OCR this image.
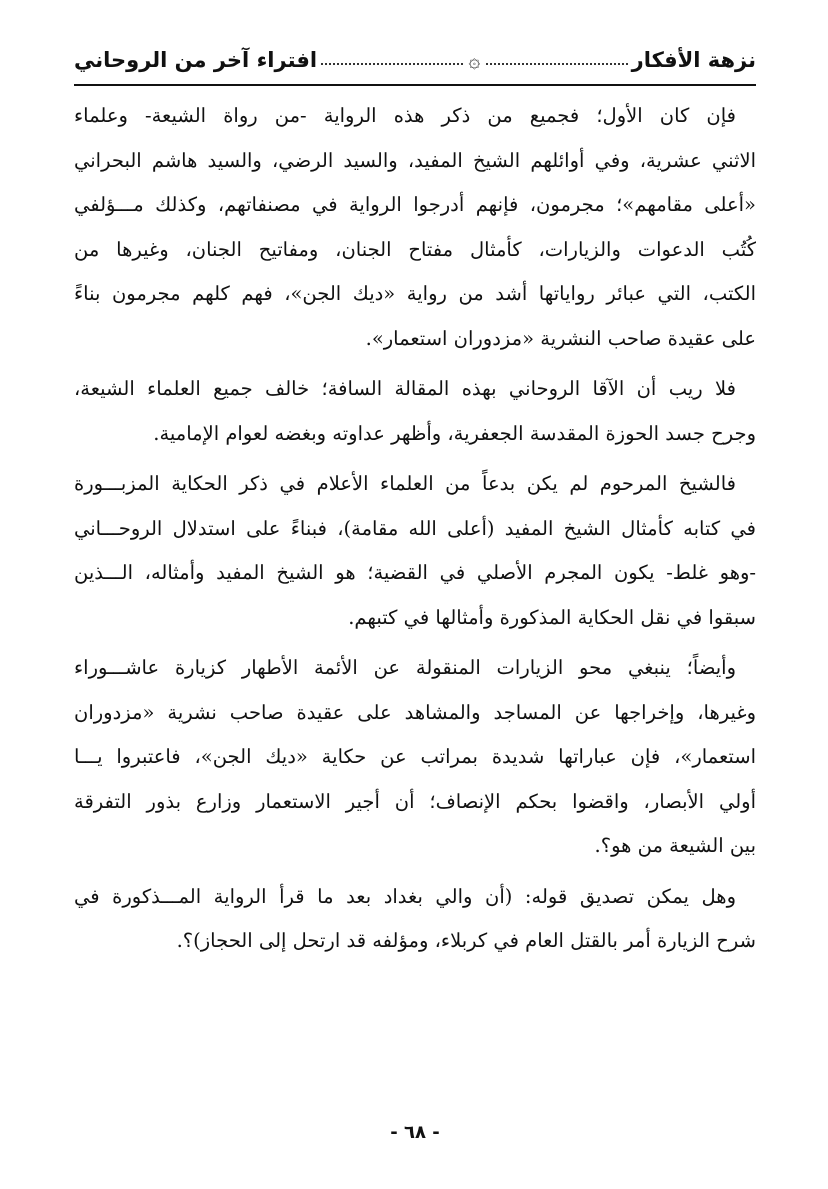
نزهة الأفكار
۞
افتراء آخر من الروحاني
فإن كان الأول؛ فجميع من ذكر هذه الرواية -من رواة الشيعة- وعلماء
الاثني عشرية، وفي أوائلهم الشيخ المفيد، والسيد الرضي، والسيد هاشم البحراني
«أعلى مقامهم»؛ مجرمون، فإنهم أدرجوا الرواية في مصنفاتهم، وكذلك مـــؤلفي
كُتُب الدعوات والزيارات، كأمثال مفتاح الجنان، ومفاتيح الجنان، وغيرها من
الكتب، التي عبائر رواياتها أشد من رواية «ديك الجن»، فهم كلهم مجرمون بناءً
على عقيدة صاحب النشرية «مزدوران استعمار».
فلا ريب أن الآقا الروحاني بهذه المقالة السافة؛ خالف جميع العلماء الشيعة،
وجرح جسد الحوزة المقدسة الجعفرية، وأظهر عداوته وبغضه لعوام الإمامية.
فالشيخ المرحوم لم يكن بدعاً من العلماء الأعلام في ذكر الحكاية المزبـــورة
في كتابه كأمثال الشيخ المفيد (أعلى الله مقامة)، فبناءً على استدلال الروحـــاني
-وهو غلط- يكون المجرم الأصلي في القضية؛ هو الشيخ المفيد وأمثاله، الـــذين
سبقوا في نقل الحكاية المذكورة وأمثالها في كتبهم.
وأيضاً؛ ينبغي محو الزيارات المنقولة عن الأئمة الأطهار كزيارة عاشـــوراء
وغيرها، وإخراجها عن المساجد والمشاهد على عقيدة صاحب نشرية «مزدوران
استعمار»، فإن عباراتها شديدة بمراتب عن حكاية «ديك الجن»، فاعتبروا يـــا
أولي الأبصار، واقضوا بحكم الإنصاف؛ أن أجير الاستعمار وزارع بذور التفرقة
بين الشيعة من هو؟.
وهل يمكن تصديق قوله: (أن والي بغداد بعد ما قرأ الرواية المـــذكورة في
شرح الزيارة أمر بالقتل العام في كربلاء، ومؤلفه قد ارتحل إلى الحجاز)؟.
- ٦٨ -
